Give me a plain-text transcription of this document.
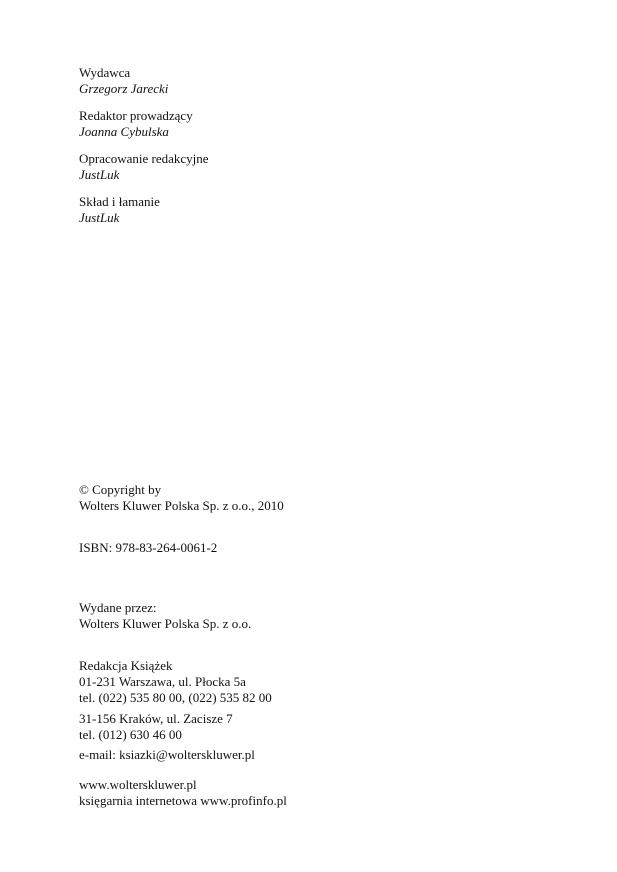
Wydawca
Grzegorz Jarecki
Redaktor prowadzący
Joanna Cybulska
Opracowanie redakcyjne
JustLuk
Skład i łamanie
JustLuk
© Copyright by
Wolters Kluwer Polska Sp. z o.o., 2010
ISBN: 978-83-264-0061-2
Wydane przez:
Wolters Kluwer Polska Sp. z o.o.
Redakcja Książek
01-231 Warszawa, ul. Płocka 5a
tel. (022) 535 80 00, (022) 535 82 00
31-156 Kraków, ul. Zacisze 7
tel. (012) 630 46 00
e-mail: ksiazki@wolterskluwer.pl
www.wolterskluwer.pl
księgarnia internetowa www.profinfo.pl
